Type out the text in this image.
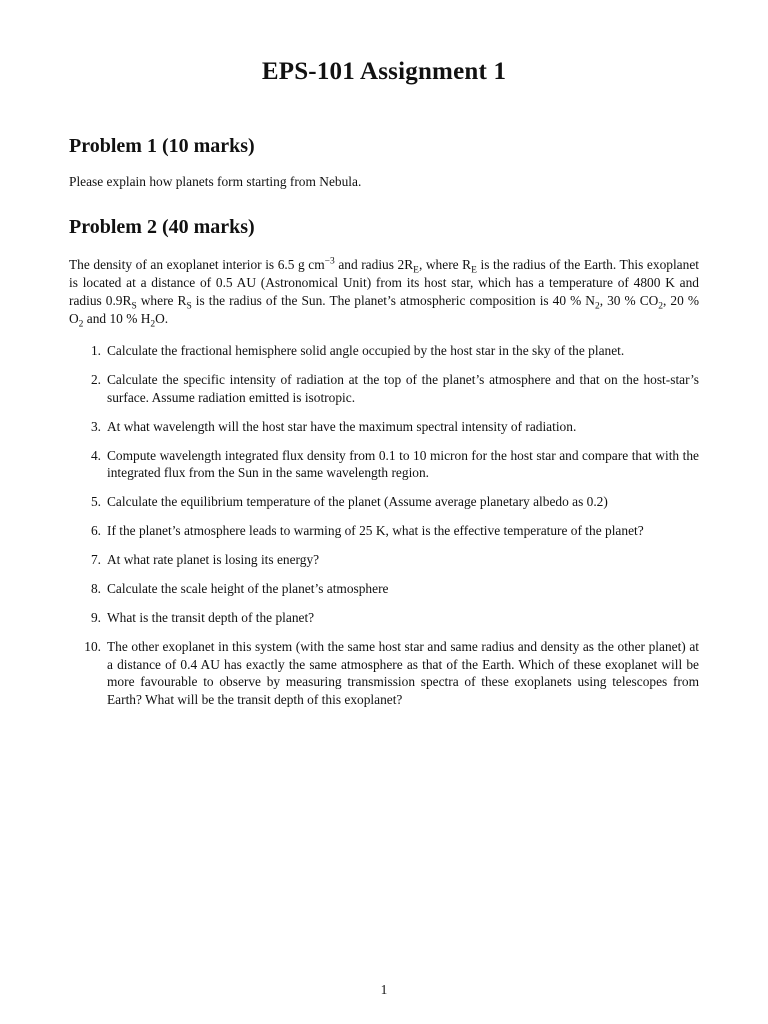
EPS-101 Assignment 1
Problem 1 (10 marks)

Please explain how planets form starting from Nebula.

Problem 2 (40 marks)

The density of an exoplanet interior is 6.5 g $cm^{-3}$ and radius $2R_E$, where $R_E$ is the radius of the Earth. This exoplanet is located at a distance of 0.5 AU (Astronomical Unit) from its host star, which has a temperature of 4800 K and radius $0.9R_S$ where $R_S$ is the radius of the Sun. The planet’s atmospheric composition is 40 % $N_2$, 30 % $CO_2$, 20 % $O_2$ and 10 % $H_2O$.

1. Calculate the fractional hemisphere solid angle occupied by the host star in the sky of the planet.
2. Calculate the specific intensity of radiation at the top of the planet’s atmosphere and that on the host-star’s surface. Assume radiation emitted is isotropic.
3. At what wavelength will the host star have the maximum spectral intensity of radiation.
4. Compute wavelength integrated flux density from 0.1 to 10 micron for the host star and compare that with the integrated flux from the Sun in the same wavelength region.
5. Calculate the equilibrium temperature of the planet (Assume average planetary albedo as 0.2)
6. If the planet’s atmosphere leads to warming of 25 K, what is the effective temperature of the planet?
7. At what rate planet is losing its energy?
8. Calculate the scale height of the planet’s atmosphere
9. What is the transit depth of the planet?
10. The other exoplanet in this system (with the same host star and same radius and density as the other planet) at a distance of 0.4 AU has exactly the same atmosphere as that of the Earth. Which of these exoplanet will be more favourable to observe by measuring transmission spectra of these exoplanets using telescopes from Earth? What will be the transit depth of this exoplanet?

1
